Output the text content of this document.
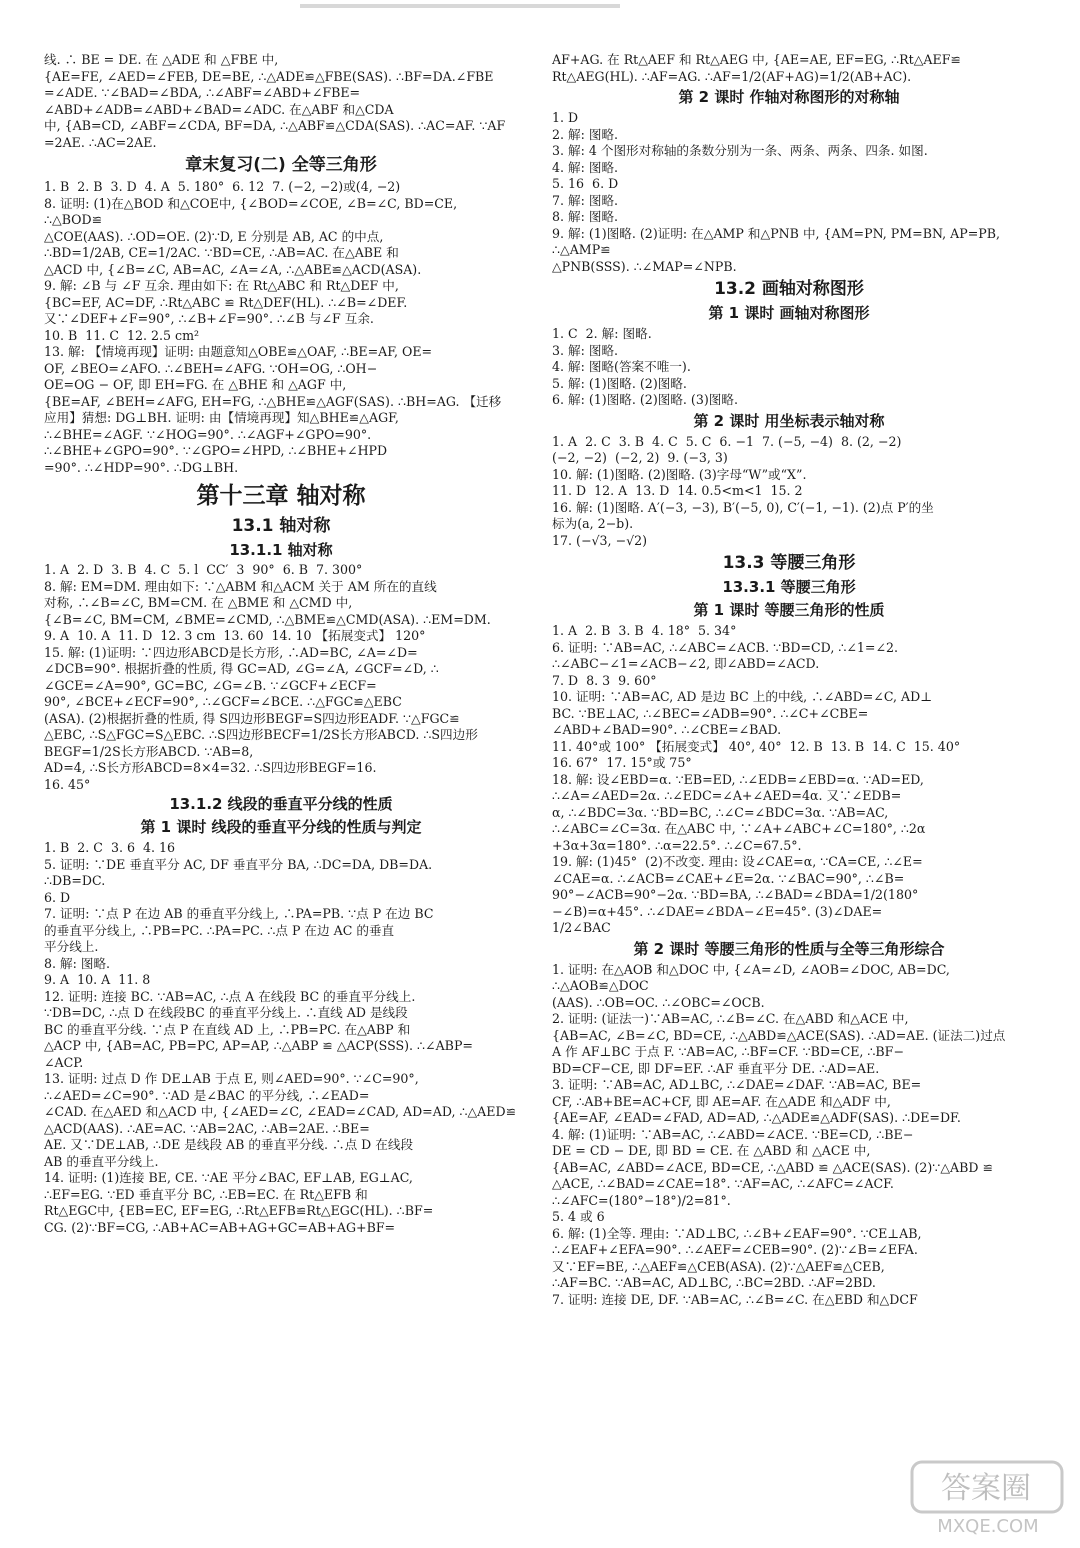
线. ∴ BE = DE. 在 △ADE 和 △FBE 中,
{AE=FE, ∠AED=∠FEB, DE=BE, ∴△ADE≌△FBE(SAS). ∴BF=DA.∠FBE
=∠ADE. ∵∠BAD=∠BDA, ∴∠ABF=∠ABD+∠FBE=
∠ABD+∠ADB=∠ABD+∠BAD=∠ADC. 在△ABF 和△CDA
中, {AB=CD, ∠ABF=∠CDA, BF=DA, ∴△ABF≌△CDA(SAS). ∴AC=AF. ∵AF
=2AE. ∴AC=2AE.
章末复习(二) 全等三角形
1. B  2. B  3. D  4. A  5. 180°  6. 12  7. (−2, −2)或(4, −2)
8. 证明: (1)在△BOD 和△COE中, {∠BOD=∠COE, ∠B=∠C, BD=CE, ∴△BOD≌
△COE(AAS). ∴OD=OE. (2)∵D, E 分别是 AB, AC 的中点,
∴BD=1/2AB, CE=1/2AC. ∵BD=CE, ∴AB=AC. 在△ABE 和
△ACD 中, {∠B=∠C, AB=AC, ∠A=∠A, ∴△ABE≌△ACD(ASA).
9. 解: ∠B 与 ∠F 互余. 理由如下: 在 Rt△ABC 和 Rt△DEF 中,
{BC=EF, AC=DF, ∴Rt△ABC ≌ Rt△DEF(HL). ∴∠B=∠DEF.
又∵∠DEF+∠F=90°, ∴∠B+∠F=90°. ∴∠B 与∠F 互余.
10. B  11. C  12. 2.5 cm²
13. 解: 【情境再现】证明: 由题意知△OBE≌△OAF, ∴BE=AF, OE=
OF, ∠BEO=∠AFO. ∴∠BEH=∠AFG. ∵OH=OG, ∴OH−
OE=OG − OF, 即 EH=FG. 在 △BHE 和 △AGF 中,
{BE=AF, ∠BEH=∠AFG, EH=FG, ∴△BHE≌△AGF(SAS). ∴BH=AG. 【迁移
应用】猜想: DG⊥BH. 证明: 由【情境再现】知△BHE≌△AGF,
∴∠BHE=∠AGF. ∵∠HOG=90°. ∴∠AGF+∠GPO=90°.
∴∠BHE+∠GPO=90°. ∵∠GPO=∠HPD, ∴∠BHE+∠HPD
=90°. ∴∠HDP=90°. ∴DG⊥BH.
第十三章 轴对称
13.1 轴对称
13.1.1 轴对称
1. A  2. D  3. B  4. C  5. l  CC′  3  90°  6. B  7. 300°
8. 解: EM=DM. 理由如下: ∵△ABM 和△ACM 关于 AM 所在的直线
对称, ∴∠B=∠C, BM=CM. 在 △BME 和 △CMD 中,
{∠B=∠C, BM=CM, ∠BME=∠CMD, ∴△BME≌△CMD(ASA). ∴EM=DM.
9. A  10. A  11. D  12. 3 cm  13. 60  14. 10 【拓展变式】 120°
15. 解: (1)证明: ∵四边形ABCD是长方形, ∴AD=BC, ∠A=∠D=
∠DCB=90°. 根据折叠的性质, 得 GC=AD, ∠G=∠A, ∠GCF=∠D, ∴
∠GCE=∠A=90°, GC=BC, ∠G=∠B. ∵∠GCF+∠ECF=
90°, ∠BCE+∠ECF=90°, ∴∠GCF=∠BCE. ∴△FGC≌△EBC
(ASA). (2)根据折叠的性质, 得 S四边形BEGF=S四边形EADF. ∵△FGC≌
△EBC, ∴S△FGC=S△EBC. ∴S四边形BECF=1/2S长方形ABCD. ∴S四边形BEGF=1/2S长方形ABCD. ∵AB=8,
AD=4, ∴S长方形ABCD=8×4=32. ∴S四边形BEGF=16.
16. 45°
13.1.2 线段的垂直平分线的性质
第 1 课时 线段的垂直平分线的性质与判定
1. B  2. C  3. 6  4. 16
5. 证明: ∵DE 垂直平分 AC, DF 垂直平分 BA, ∴DC=DA, DB=DA.
∴DB=DC.
6. D
7. 证明: ∵点 P 在边 AB 的垂直平分线上, ∴PA=PB. ∵点 P 在边 BC
的垂直平分线上, ∴PB=PC. ∴PA=PC. ∴点 P 在边 AC 的垂直
平分线上.
8. 解: 图略.
9. A  10. A  11. 8
12. 证明: 连接 BC. ∵AB=AC, ∴点 A 在线段 BC 的垂直平分线上.
∵DB=DC, ∴点 D 在线段BC 的垂直平分线上. ∴直线 AD 是线段
BC 的垂直平分线. ∵点 P 在直线 AD 上, ∴PB=PC. 在△ABP 和
△ACP 中, {AB=AC, PB=PC, AP=AP, ∴△ABP ≌ △ACP(SSS). ∴∠ABP=
∠ACP.
13. 证明: 过点 D 作 DE⊥AB 于点 E, 则∠AED=90°. ∵∠C=90°,
∴∠AED=∠C=90°. ∵AD 是∠BAC 的平分线, ∴∠EAD=
∠CAD. 在△AED 和△ACD 中, {∠AED=∠C, ∠EAD=∠CAD, AD=AD, ∴△AED≌
△ACD(AAS). ∴AE=AC. ∵AB=2AC, ∴AB=2AE. ∴BE=
AE. 又∵DE⊥AB, ∴DE 是线段 AB 的垂直平分线. ∴点 D 在线段
AB 的垂直平分线上.
14. 证明: (1)连接 BE, CE. ∵AE 平分∠BAC, EF⊥AB, EG⊥AC,
∴EF=EG. ∵ED 垂直平分 BC, ∴EB=EC. 在 Rt△EFB 和
Rt△EGC中, {EB=EC, EF=EG, ∴Rt△EFB≌Rt△EGC(HL). ∴BF=
CG. (2)∵BF=CG, ∴AB+AC=AB+AG+GC=AB+AG+BF=
AF+AG. 在 Rt△AEF 和 Rt△AEG 中, {AE=AE, EF=EG, ∴Rt△AEF≌
Rt△AEG(HL). ∴AF=AG. ∴AF=1/2(AF+AG)=1/2(AB+AC).
第 2 课时 作轴对称图形的对称轴
1. D
2. 解: 图略.
3. 解: 4 个图形对称轴的条数分别为一条、两条、两条、四条. 如图.
4. 解: 图略.
5. 16  6. D
7. 解: 图略.
8. 解: 图略.
9. 解: (1)图略. (2)证明: 在△AMP 和△PNB 中, {AM=PN, PM=BN, AP=PB, ∴△AMP≌
△PNB(SSS). ∴∠MAP=∠NPB.
13.2 画轴对称图形
第 1 课时 画轴对称图形
1. C  2. 解: 图略.
3. 解: 图略.
4. 解: 图略(答案不唯一).
5. 解: (1)图略. (2)图略.
6. 解: (1)图略. (2)图略. (3)图略.
第 2 课时 用坐标表示轴对称
1. A  2. C  3. B  4. C  5. C  6. −1  7. (−5, −4)  8. (2, −2)
(−2, −2)  (−2, 2)  9. (−3, 3)
10. 解: (1)图略. (2)图略. (3)字母“W”或“X”.
11. D  12. A  13. D  14. 0.5<m<1  15. 2
16. 解: (1)图略. A′(−3, −3), B′(−5, 0), C′(−1, −1). (2)点 P′的坐
标为(a, 2−b).
17. (−√3, −√2)
13.3 等腰三角形
13.3.1 等腰三角形
第 1 课时 等腰三角形的性质
1. A  2. B  3. B  4. 18°  5. 34°
6. 证明: ∵AB=AC, ∴∠ABC=∠ACB. ∵BD=CD, ∴∠1=∠2.
∴∠ABC−∠1=∠ACB−∠2, 即∠ABD=∠ACD.
7. D  8. 3  9. 60°
10. 证明: ∵AB=AC, AD 是边 BC 上的中线, ∴∠ABD=∠C, AD⊥
BC. ∵BE⊥AC, ∴∠BEC=∠ADB=90°. ∴∠C+∠CBE=
∠ABD+∠BAD=90°. ∴∠CBE=∠BAD.
11. 40°或 100° 【拓展变式】 40°, 40°  12. B  13. B  14. C  15. 40°
16. 67°  17. 15°或 75°
18. 解: 设∠EBD=α. ∵EB=ED, ∴∠EDB=∠EBD=α. ∵AD=ED,
∴∠A=∠AED=2α. ∴∠EDC=∠A+∠AED=4α. 又∵∠EDB=
α, ∴∠BDC=3α. ∵BD=BC, ∴∠C=∠BDC=3α. ∵AB=AC,
∴∠ABC=∠C=3α. 在△ABC 中, ∵∠A+∠ABC+∠C=180°, ∴2α
+3α+3α=180°. ∴α=22.5°. ∴∠C=67.5°.
19. 解: (1)45°  (2)不改变. 理由: 设∠CAE=α, ∵CA=CE, ∴∠E=
∠CAE=α. ∴∠ACB=∠CAE+∠E=2α. ∵∠BAC=90°, ∴∠B=
90°−∠ACB=90°−2α. ∵BD=BA, ∴∠BAD=∠BDA=1/2(180°
−∠B)=α+45°. ∴∠DAE=∠BDA−∠E=45°. (3)∠DAE=
1/2∠BAC
第 2 课时 等腰三角形的性质与全等三角形综合
1. 证明: 在△AOB 和△DOC 中, {∠A=∠D, ∠AOB=∠DOC, AB=DC, ∴△AOB≌△DOC
(AAS). ∴OB=OC. ∴∠OBC=∠OCB.
2. 证明: (证法一)∵AB=AC, ∴∠B=∠C. 在△ABD 和△ACE 中,
{AB=AC, ∠B=∠C, BD=CE, ∴△ABD≌△ACE(SAS). ∴AD=AE. (证法二)过点
A 作 AF⊥BC 于点 F. ∵AB=AC, ∴BF=CF. ∵BD=CE, ∴BF−
BD=CF−CE, 即 DF=EF. ∴AF 垂直平分 DE. ∴AD=AE.
3. 证明: ∵AB=AC, AD⊥BC, ∴∠DAE=∠DAF. ∵AB=AC, BE=
CF, ∴AB+BE=AC+CF, 即 AE=AF. 在△ADE 和△ADF 中,
{AE=AF, ∠EAD=∠FAD, AD=AD, ∴△ADE≌△ADF(SAS). ∴DE=DF.
4. 解: (1)证明: ∵AB=AC, ∴∠ABD=∠ACE. ∵BE=CD, ∴BE−
DE = CD − DE, 即 BD = CE. 在 △ABD 和 △ACE 中,
{AB=AC, ∠ABD=∠ACE, BD=CE, ∴△ABD ≌ △ACE(SAS). (2)∵△ABD ≌
△ACE, ∴∠BAD=∠CAE=18°. ∵AF=AC, ∴∠AFC=∠ACF.
∴∠AFC=(180°−18°)/2=81°.
5. 4 或 6
6. 解: (1)全等. 理由: ∵AD⊥BC, ∴∠B+∠EAF=90°. ∵CE⊥AB,
∴∠EAF+∠EFA=90°. ∴∠AEF=∠CEB=90°. (2)∵∠B=∠EFA.
又∵EF=BE, ∴△AEF≌△CEB(ASA). (2)∵△AEF≌△CEB,
∴AF=BC. ∵AB=AC, AD⊥BC, ∴BC=2BD. ∴AF=2BD.
7. 证明: 连接 DE, DF. ∵AB=AC, ∴∠B=∠C. 在△EBD 和△DCF
答案圈
MXQE.COM
